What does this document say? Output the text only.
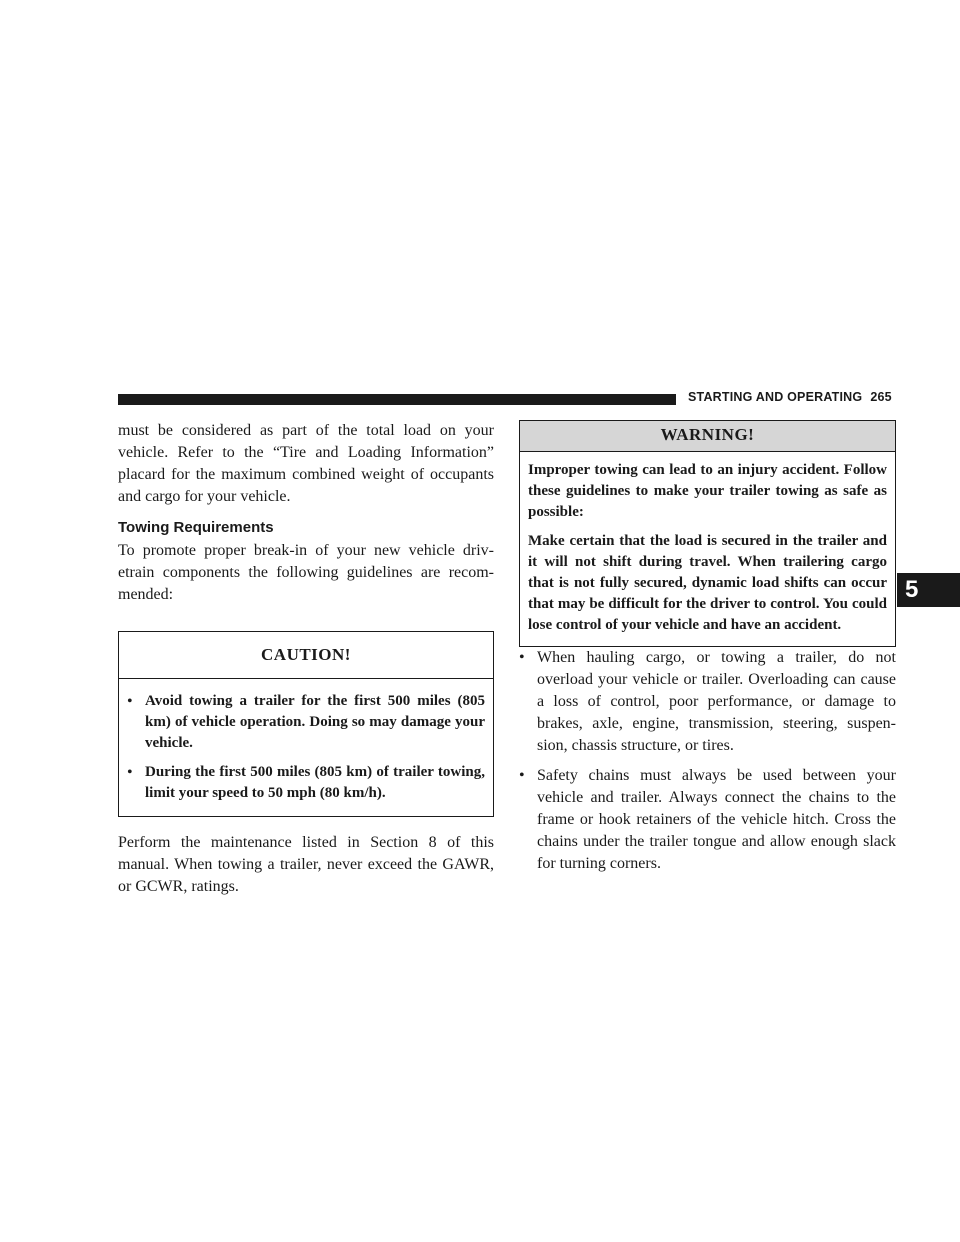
STARTING AND OPERATING 265
5

must be considered as part of the total load on your vehicle. Refer to the “Tire and Loading Information” placard for the maximum combined weight of occupants and cargo for your vehicle.

Towing Requirements

To promote proper break-in of your new vehicle driv-etrain components the following guidelines are recom-mended:

CAUTION!
• Avoid towing a trailer for the first 500 miles (805 km) of vehicle operation. Doing so may damage your vehicle.

• During the first 500 miles (805 km) of trailer towing, limit your speed to 50 mph (80 km/h).

Perform the maintenance listed in Section 8 of this manual. When towing a trailer, never exceed the GAWR, or GCWR, ratings.

WARNING!

Improper towing can lead to an injury accident. Follow these guidelines to make your trailer towing as safe as possible:

Make certain that the load is secured in the trailer and it will not shift during travel. When trailering cargo that is not fully secured, dynamic load shifts can occur that may be difficult for the driver to control. You could lose control of your vehicle and have an accident.

• When hauling cargo, or towing a trailer, do not overload your vehicle or trailer. Overloading can cause a loss of control, poor performance, or damage to brakes, axle, engine, transmission, steering, suspen-sion, chassis structure, or tires.

• Safety chains must always be used between your vehicle and trailer. Always connect the chains to the frame or hook retainers of the vehicle hitch. Cross the chains under the trailer tongue and allow enough slack for turning corners.
